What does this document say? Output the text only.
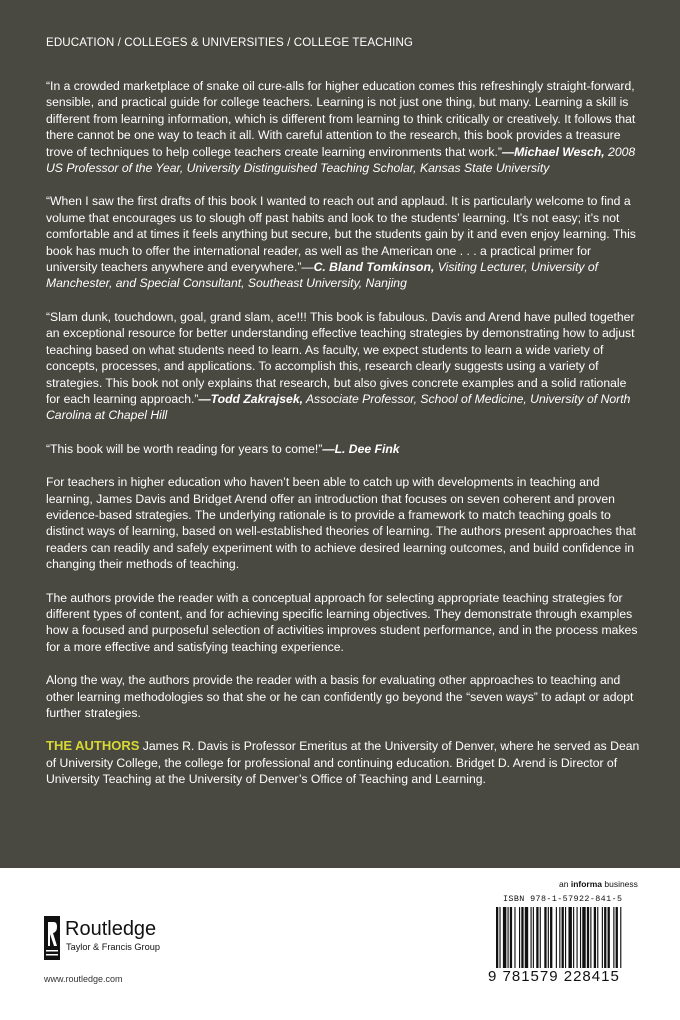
EDUCATION / COLLEGES & UNIVERSITIES / COLLEGE TEACHING

“In a crowded marketplace of snake oil cure-alls for higher education comes this refreshingly straight-forward, sensible, and practical guide for college teachers. Learning is not just one thing, but many. Learning a skill is different from learning information, which is different from learning to think critically or creatively. It follows that there cannot be one way to teach it all. With careful attention to the research, this book provides a treasure trove of techniques to help college teachers create learning environments that work.”—Michael Wesch, 2008 US Professor of the Year, University Distinguished Teaching Scholar, Kansas State University

“When I saw the first drafts of this book I wanted to reach out and applaud. It is particularly welcome to find a volume that encourages us to slough off past habits and look to the students’ learning. It’s not easy; it’s not comfortable and at times it feels anything but secure, but the students gain by it and even enjoy learning. This book has much to offer the international reader, as well as the American one . . . a practical primer for university teachers anywhere and everywhere.”—C. Bland Tomkinson, Visiting Lecturer, University of Manchester, and Special Consultant, Southeast University, Nanjing

“Slam dunk, touchdown, goal, grand slam, ace!!! This book is fabulous. Davis and Arend have pulled together an exceptional resource for better understanding effective teaching strategies by demonstrating how to adjust teaching based on what students need to learn. As faculty, we expect students to learn a wide variety of concepts, processes, and applications. To accomplish this, research clearly suggests using a variety of strategies. This book not only explains that research, but also gives concrete examples and a solid rationale for each learning approach.”—Todd Zakrajsek, Associate Professor, School of Medicine, University of North Carolina at Chapel Hill

“This book will be worth reading for years to come!”—L. Dee Fink

For teachers in higher education who haven’t been able to catch up with developments in teaching and learning, James Davis and Bridget Arend offer an introduction that focuses on seven coherent and proven evidence-based strategies. The underlying rationale is to provide a framework to match teaching goals to distinct ways of learning, based on well-established theories of learning. The authors present approaches that readers can readily and safely experiment with to achieve desired learning outcomes, and build confidence in changing their methods of teaching.

The authors provide the reader with a conceptual approach for selecting appropriate teaching strategies for different types of content, and for achieving specific learning objectives. They demonstrate through examples how a focused and purposeful selection of activities improves student performance, and in the process makes for a more effective and satisfying teaching experience.

Along the way, the authors provide the reader with a basis for evaluating other approaches to teaching and other learning methodologies so that she or he can confidently go beyond the “seven ways” to adapt or adopt further strategies.

THE AUTHORS James R. Davis is Professor Emeritus at the University of Denver, where he served as Dean of University College, the college for professional and continuing education. Bridget D. Arend is Director of University Teaching at the University of Denver’s Office of Teaching and Learning.

Routledge
Taylor & Francis Group
www.routledge.com
an informa business
ISBN 978-1-57922-841-5
9 781579 228415
